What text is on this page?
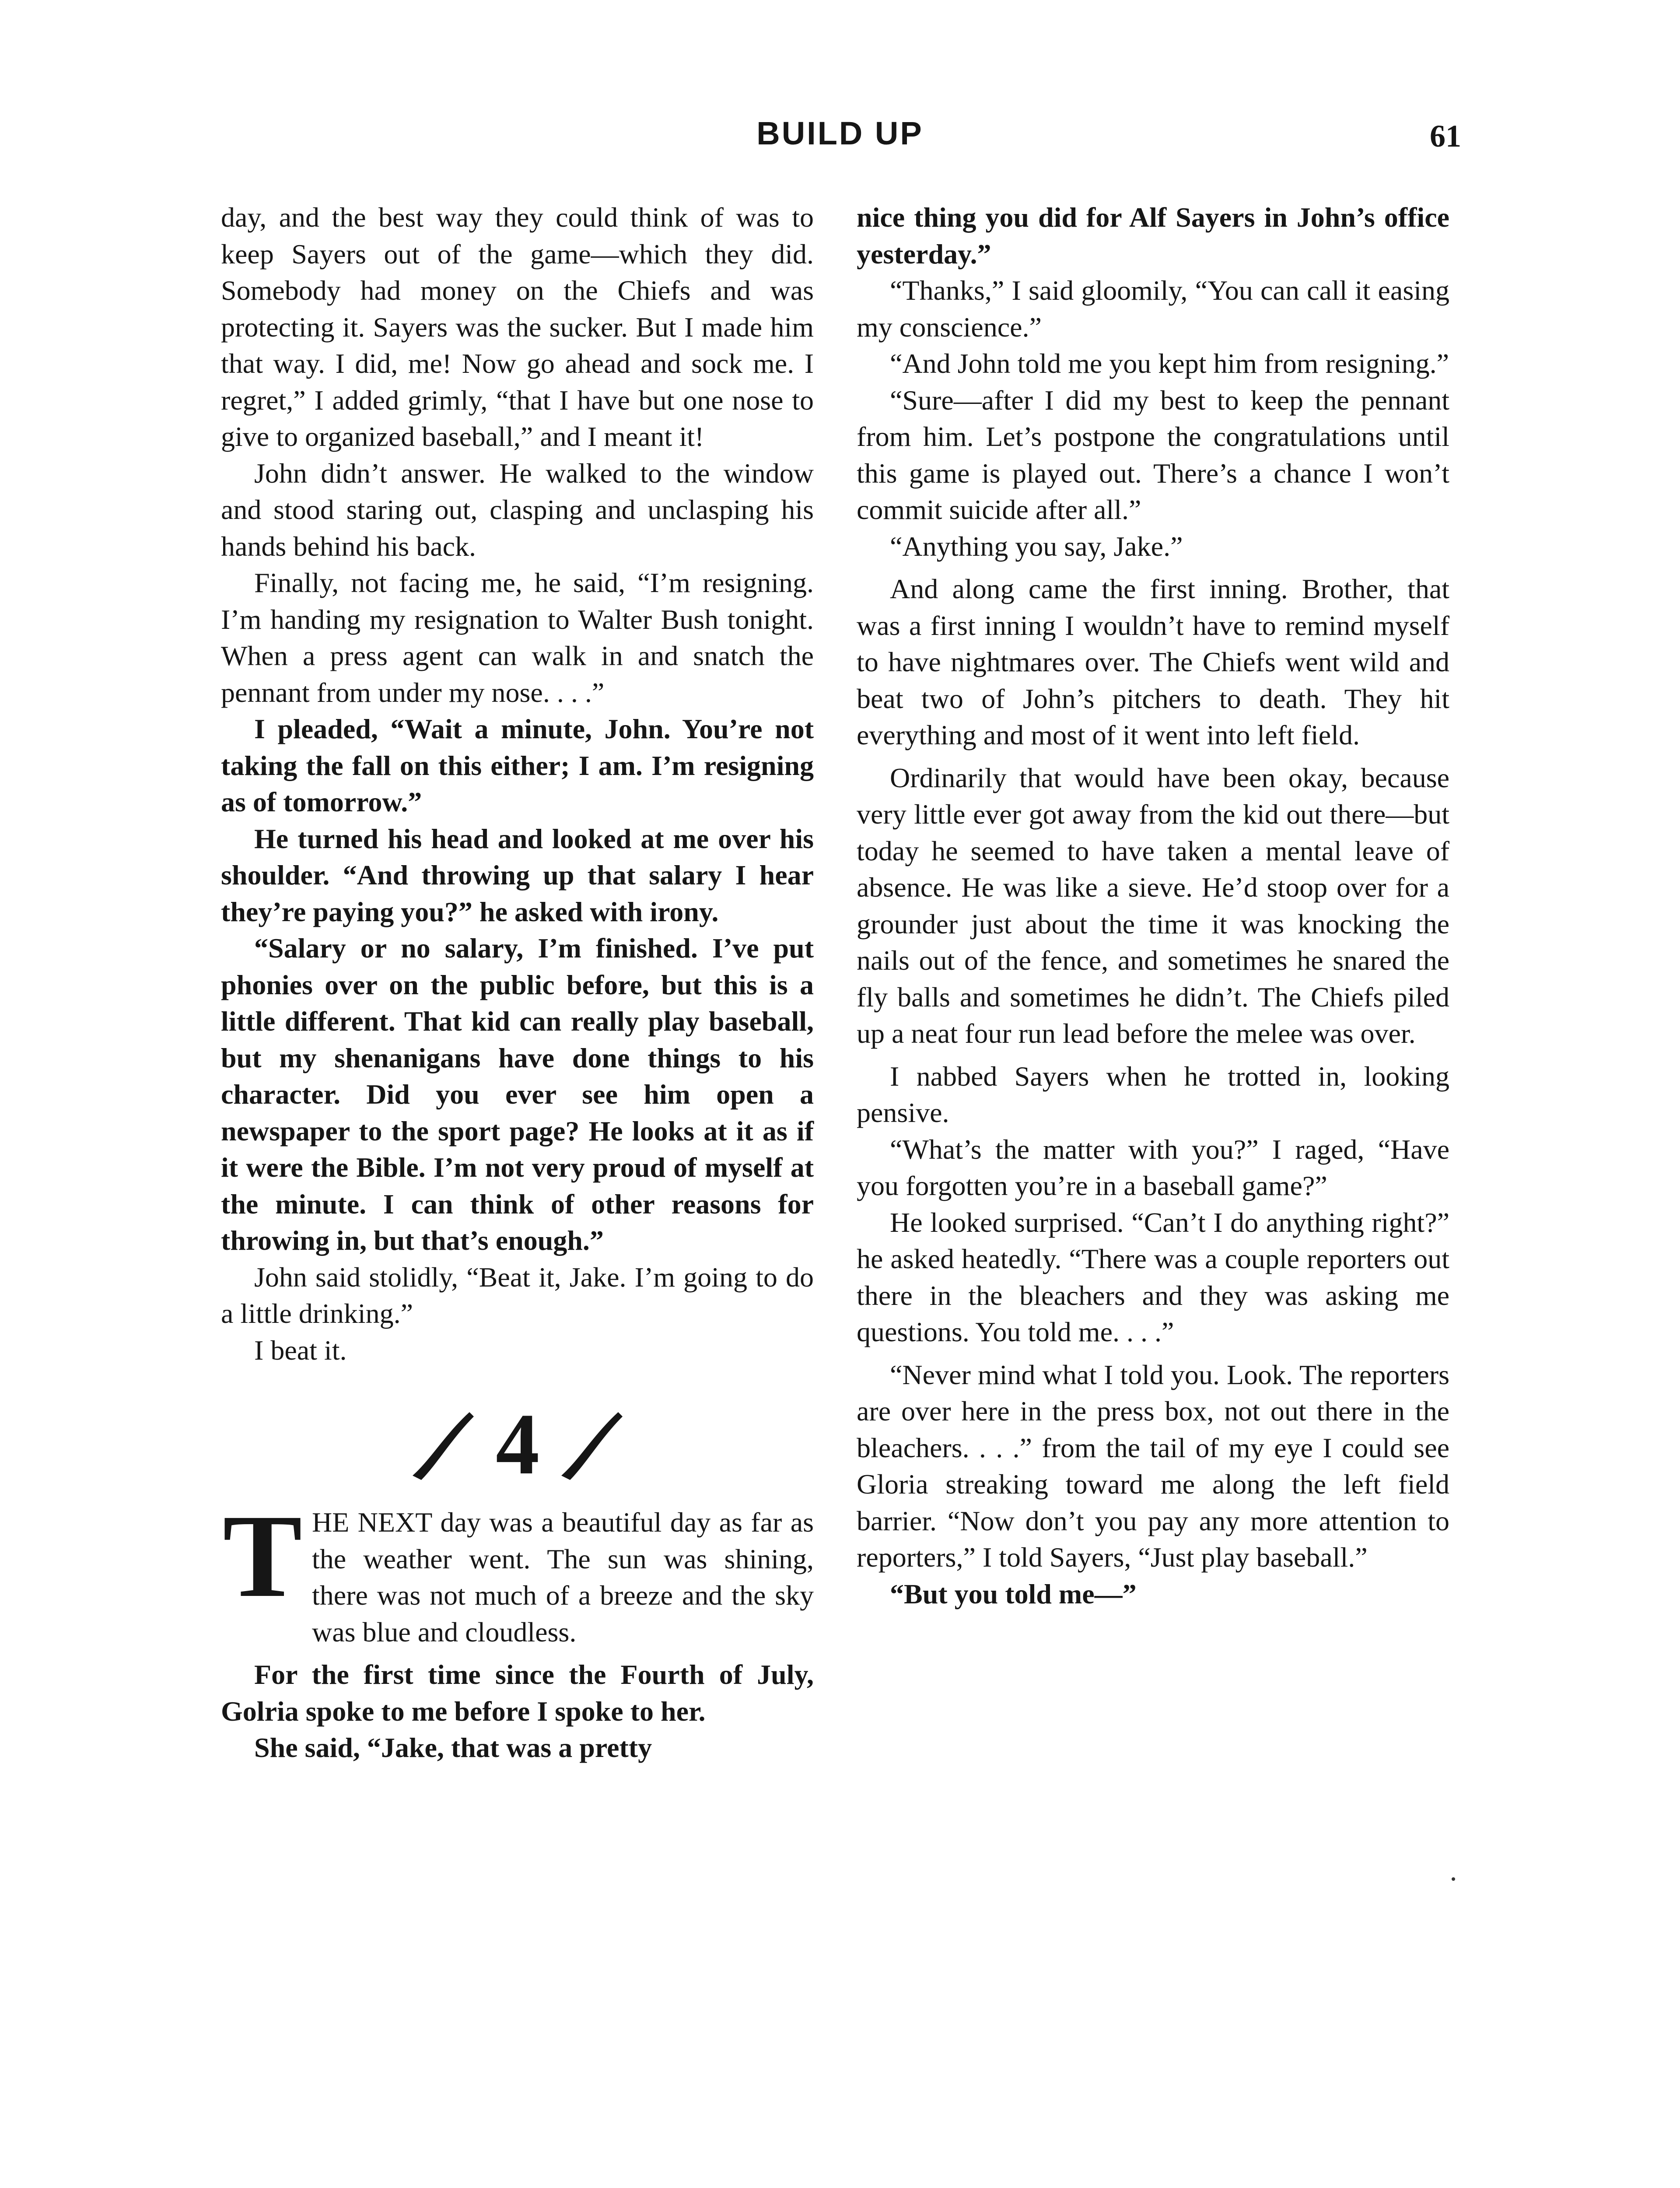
BUILD UP	61

day, and the best way they could think of was to keep Sayers out of the game—which they did. Somebody had money on the Chiefs and was protecting it. Sayers was the sucker. But I made him that way. I did, me! Now go ahead and sock me. I regret,” I added grimly, “that I have but one nose to give to organized baseball,” and I meant it!

John didn’t answer. He walked to the window and stood staring out, clasping and unclasping his hands behind his back.

Finally, not facing me, he said, “I’m resigning. I’m handing my resignation to Walter Bush tonight. When a press agent can walk in and snatch the pennant from under my nose. . . .”

I pleaded, “Wait a minute, John. You’re not taking the fall on this either; I am. I’m resigning as of tomorrow.”

He turned his head and looked at me over his shoulder. “And throwing up that salary I hear they’re paying you?” he asked with irony.

“Salary or no salary, I’m finished. I’ve put phonies over on the public before, but this is a little different. That kid can really play baseball, but my shenanigans have done things to his character. Did you ever see him open a newspaper to the sport page? He looks at it as if it were the Bible. I’m not very proud of myself at the minute. I can think of other reasons for throwing in, but that’s enough.”

John said stolidly, “Beat it, Jake. I’m going to do a little drinking.”

I beat it.

4

THE NEXT day was a beautiful day as far as the weather went. The sun was shining, there was not much of a breeze and the sky was blue and cloudless.

For the first time since the Fourth of July, Golria spoke to me before I spoke to her.

She said, “Jake, that was a pretty

nice thing you did for Alf Sayers in John’s office yesterday.”

“Thanks,” I said gloomily, “You can call it easing my conscience.”

“And John told me you kept him from resigning.”

“Sure—after I did my best to keep the pennant from him. Let’s postpone the congratulations until this game is played out. There’s a chance I won’t commit suicide after all.”

“Anything you say, Jake.”

And along came the first inning. Brother, that was a first inning I wouldn’t have to remind myself to have nightmares over. The Chiefs went wild and beat two of John’s pitchers to death. They hit everything and most of it went into left field.

Ordinarily that would have been okay, because very little ever got away from the kid out there—but today he seemed to have taken a mental leave of absence. He was like a sieve. He’d stoop over for a grounder just about the time it was knocking the nails out of the fence, and sometimes he snared the fly balls and sometimes he didn’t. The Chiefs piled up a neat four run lead before the melee was over.

I nabbed Sayers when he trotted in, looking pensive.

“What’s the matter with you?” I raged, “Have you forgotten you’re in a baseball game?”

He looked surprised. “Can’t I do anything right?” he asked heatedly. “There was a couple reporters out there in the bleachers and they was asking me questions. You told me. . . .”

“Never mind what I told you. Look. The reporters are over here in the press box, not out there in the bleachers. . . .” from the tail of my eye I could see Gloria streaking toward me along the left field barrier. “Now don’t you pay any more attention to reporters,” I told Sayers, “Just play baseball.”

“But you told me—”
